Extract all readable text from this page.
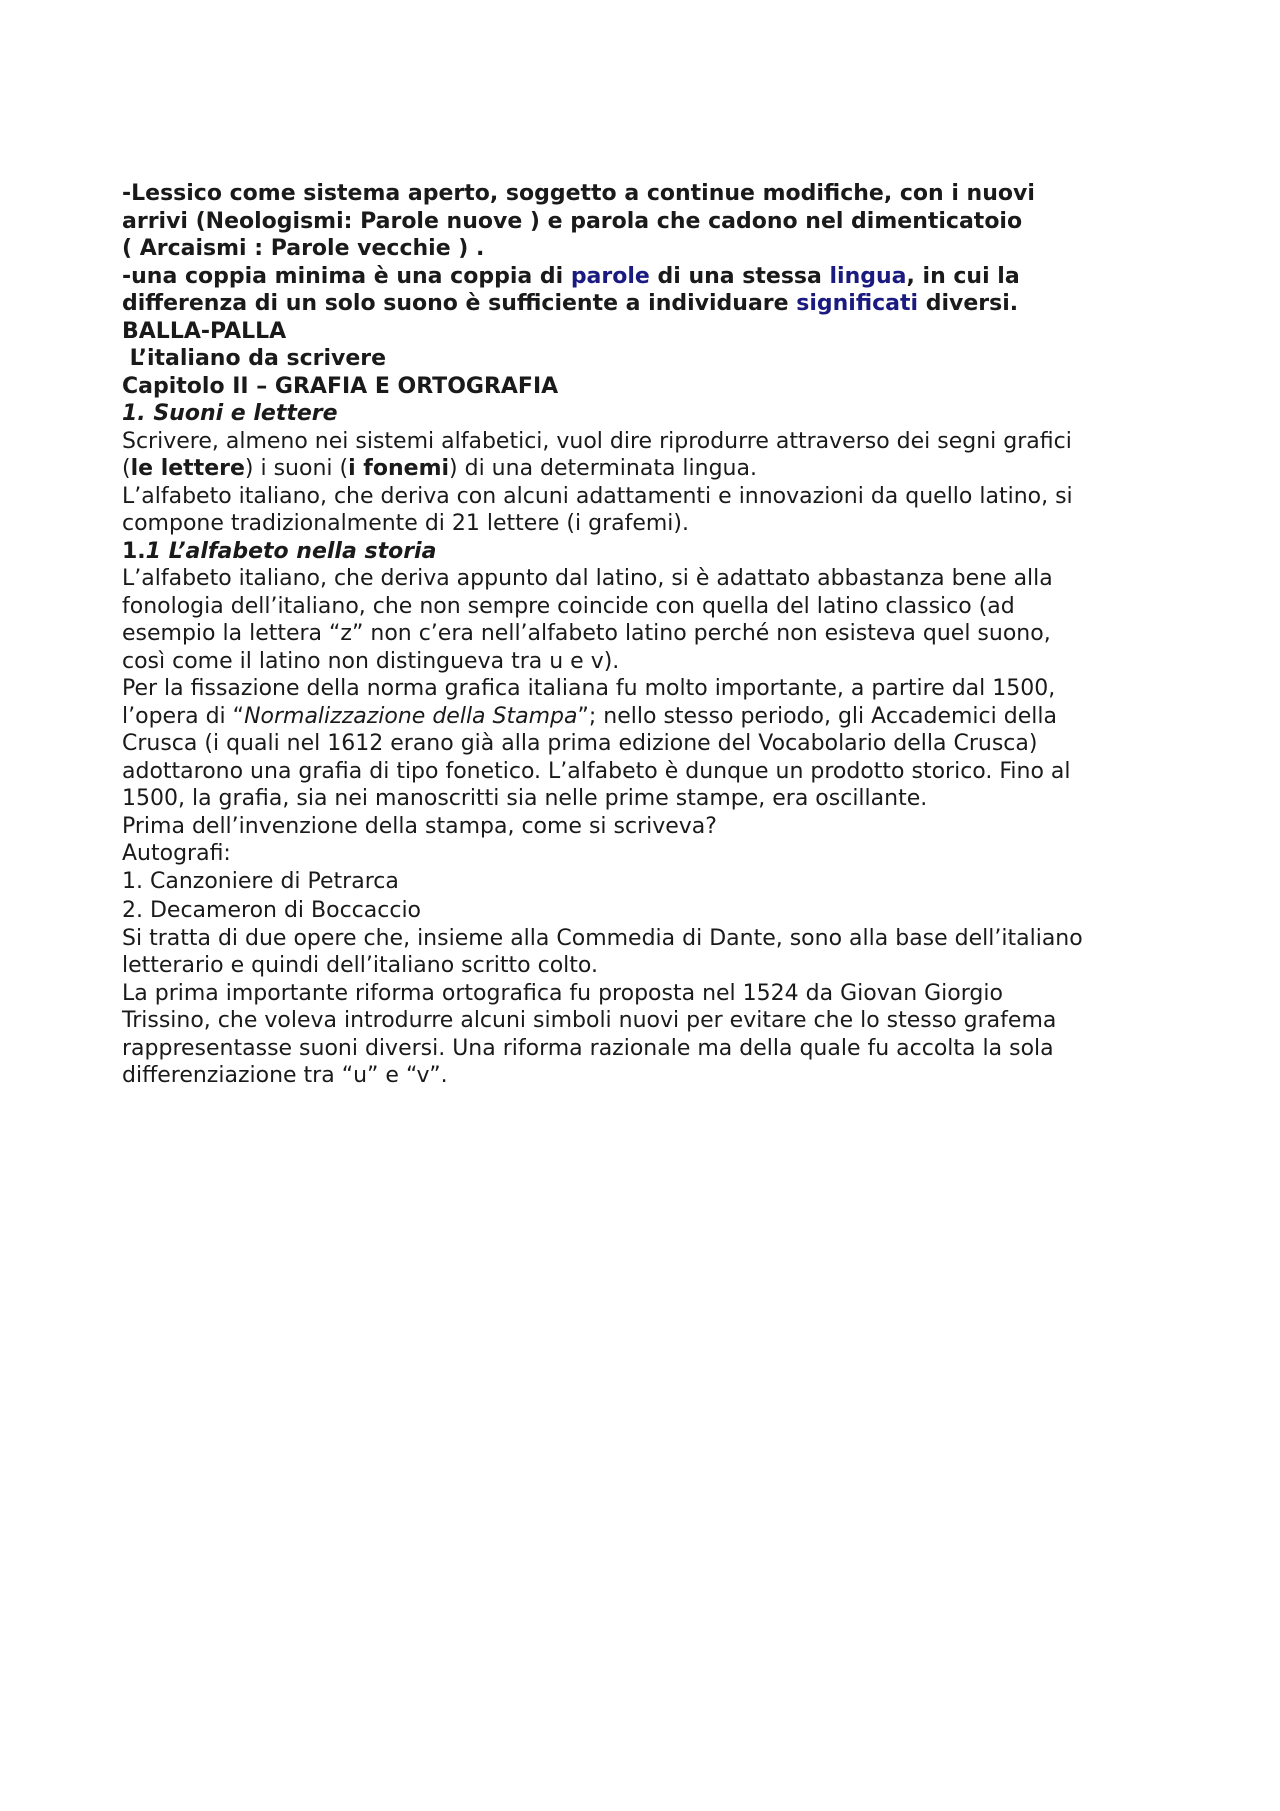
-Lessico come sistema aperto, soggetto a continue modifiche, con i nuovi
arrivi (Neologismi: Parole nuove ) e parola che cadono nel dimenticatoio
( Arcaismi : Parole vecchie ) .
-una coppia minima è una coppia di parole di una stessa lingua, in cui la
differenza di un solo suono è sufficiente a individuare significati diversi.
BALLA-PALLA
L’italiano da scrivere
Capitolo II – GRAFIA E ORTOGRAFIA
1. Suoni e lettere
Scrivere, almeno nei sistemi alfabetici, vuol dire riprodurre attraverso dei segni grafici
(le lettere) i suoni (i fonemi) di una determinata lingua.
L’alfabeto italiano, che deriva con alcuni adattamenti e innovazioni da quello latino, si
compone tradizionalmente di 21 lettere (i grafemi).
1.1 L’alfabeto nella storia
L’alfabeto italiano, che deriva appunto dal latino, si è adattato abbastanza bene alla
fonologia dell’italiano, che non sempre coincide con quella del latino classico (ad
esempio la lettera “z” non c’era nell’alfabeto latino perché non esisteva quel suono,
così come il latino non distingueva tra u e v).
Per la fissazione della norma grafica italiana fu molto importante, a partire dal 1500,
l’opera di “Normalizzazione della Stampa”; nello stesso periodo, gli Accademici della
Crusca (i quali nel 1612 erano già alla prima edizione del Vocabolario della Crusca)
adottarono una grafia di tipo fonetico. L’alfabeto è dunque un prodotto storico. Fino al
1500, la grafia, sia nei manoscritti sia nelle prime stampe, era oscillante.
Prima dell’invenzione della stampa, come si scriveva?
Autografi:
1. Canzoniere di Petrarca
2. Decameron di Boccaccio
Si tratta di due opere che, insieme alla Commedia di Dante, sono alla base dell’italiano
letterario e quindi dell’italiano scritto colto.
La prima importante riforma ortografica fu proposta nel 1524 da Giovan Giorgio
Trissino, che voleva introdurre alcuni simboli nuovi per evitare che lo stesso grafema
rappresentasse suoni diversi. Una riforma razionale ma della quale fu accolta la sola
differenziazione tra “u” e “v”.
